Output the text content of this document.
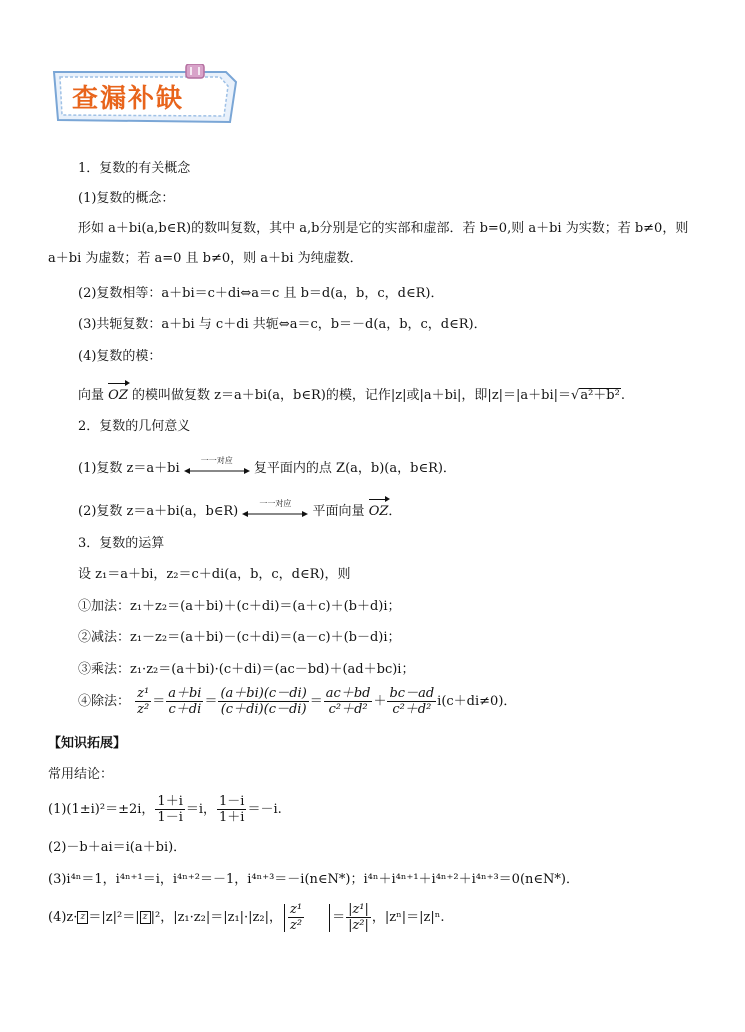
查漏补缺
1．复数的有关概念
(1)复数的概念：
形如 a＋bi(a,b∈R)的数叫复数，其中 a,b分别是它的实部和虚部．若 b=0,则 a＋bi 为实数；若 b≠0，则 a＋bi 为虚数；若 a=0 且 b≠0，则 a＋bi 为纯虚数．
(2)复数相等：a＋bi＝c＋di⇔a＝c 且 b＝d(a，b，c，d∈R)．
(3)共轭复数：a＋bi 与 c＋di 共轭⇔a＝c，b＝－d(a，b，c，d∈R)．
(4)复数的模：
向量 OZ 的模叫做复数 z＝a＋bi(a，b∈R)的模，记作|z|或|a＋bi|，即|z|＝|a＋bi|＝√a²＋b².
2．复数的几何意义
(1)复数 z＝a＋bi
一一对应
复平面内的点 Z(a，b)(a，b∈R)．
(2)复数 z＝a＋bi(a，b∈R)
一一对应
平面向量 OZ．
3．复数的运算
设 z₁＝a＋bi，z₂＝c＋di(a，b，c，d∈R)，则
①加法：z₁＋z₂＝(a＋bi)＋(c＋di)＝(a＋c)＋(b＋d)i；
②减法：z₁－z₂＝(a＋bi)－(c＋di)＝(a－c)＋(b－d)i；
③乘法：z₁·z₂＝(a＋bi)·(c＋di)＝(ac－bd)＋(ad＋bc)i；
④除法： $\frac{\text{z¹}}{\text{z²}} = \frac{a+bi}{c+di} = \frac{(a+bi)(c-di)}{(c+di)(c-di)} = \frac{ac+bd}{\text{c²＋d²}} + \frac{bc-ad}{\text{c²＋d²}} i(c+di\ne 0)$．
【知识拓展】
常用结论：
(1)(1±i)²＝±2i， $\frac{1+i}{1-i} =i$， $\frac{1-i}{1+i} =-i$.
(2)－b＋ai＝i(a＋bi)．
(3)i⁴ⁿ＝1，i⁴ⁿ⁺¹＝i，i⁴ⁿ⁺²＝－1，i⁴ⁿ⁺³＝－i(n∈N*)；i⁴ⁿ＋i⁴ⁿ⁺¹＋i⁴ⁿ⁺²＋i⁴ⁿ⁺³＝0(n∈N*)．
(4)z· z ＝|z|²＝| z |²，|z₁·z₂|＝|z₁|·|z₂|， $\frac{\text{z¹}}{\text{z²}} = \frac{\text{|z¹|}}{\text{|z²|}}$ ，|zⁿ|＝|z|ⁿ.
